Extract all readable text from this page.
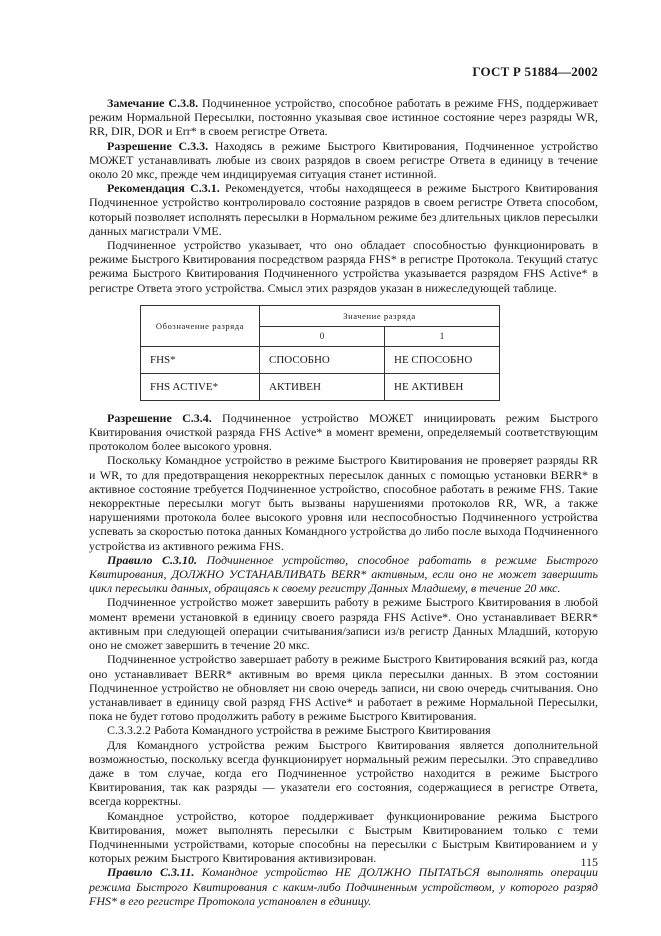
ГОСТ Р 51884—2002

Замечание С.3.8. Подчиненное устройство, способное работать в режиме FHS, поддерживает режим Нормальной Пересылки, постоянно указывая свое истинное состояние через разряды WR, RR, DIR, DOR и Err* в своем регистре Ответа.

Разрешение С.3.3. Находясь в режиме Быстрого Квитирования, Подчиненное устройство МОЖЕТ устанавливать любые из своих разрядов в своем регистре Ответа в единицу в течение около 20 мкс, прежде чем индицируемая ситуация станет истинной.

Рекомендация С.3.1. Рекомендуется, чтобы находящееся в режиме Быстрого Квитирования Подчиненное устройство контролировало состояние разрядов в своем регистре Ответа способом, который позволяет исполнять пересылки в Нормальном режиме без длительных циклов пересылки данных магистрали VME.

Подчиненное устройство указывает, что оно обладает способностью функционировать в режиме Быстрого Квитирования посредством разряда FHS* в регистре Протокола. Текущий статус режима Быстрого Квитирования Подчиненного устройства указывается разрядом FHS Active* в регистре Ответа этого устройства. Смысл этих разрядов указан в нижеследующей таблице.

Обозначение разряда	Значение разряда	
	0	1
FHS*	СПОСОБНО	НЕ СПОСОБНО
FHS ACTIVE*	АКТИВЕН	НЕ АКТИВЕН

Разрешение С.3.4. Подчиненное устройство МОЖЕТ инициировать режим Быстрого Квитирования очисткой разряда FHS Active* в момент времени, определяемый соответствующим протоколом более высокого уровня.

Поскольку Командное устройство в режиме Быстрого Квитирования не проверяет разряды RR и WR, то для предотвращения некорректных пересылок данных с помощью установки BERR* в активное состояние требуется Подчиненное устройство, способное работать в режиме FHS. Такие некорректные пересылки могут быть вызваны нарушениями протоколов RR, WR, а также нарушениями протокола более высокого уровня или неспособностью Подчиненного устройства успевать за скоростью потока данных Командного устройства до либо после выхода Подчиненного устройства из активного режима FHS.

Правило С.3.10. Подчиненное устройство, способное работать в режиме Быстрого Квитирования, ДОЛЖНО УСТАНАВЛИВАТЬ BERR* активным, если оно не может завершить цикл пересылки данных, обращаясь к своему регистру Данных Младшему, в течение 20 мкс.

Подчиненное устройство может завершить работу в режиме Быстрого Квитирования в любой момент времени установкой в единицу своего разряда FHS Active*. Оно устанавливает BERR* активным при следующей операции считывания/записи из/в регистр Данных Младший, которую оно не сможет завершить в течение 20 мкс.

Подчиненное устройство завершает работу в режиме Быстрого Квитирования всякий раз, когда оно устанавливает BERR* активным во время цикла пересылки данных. В этом состоянии Подчиненное устройство не обновляет ни свою очередь записи, ни свою очередь считывания. Оно устанавливает в единицу свой разряд FHS Active* и работает в режиме Нормальной Пересылки, пока не будет готово продолжить работу в режиме Быстрого Квитирования.

С.3.3.2.2 Работа Командного устройства в режиме Быстрого Квитирования

Для Командного устройства режим Быстрого Квитирования является дополнительной возможностью, поскольку всегда функционирует нормальный режим пересылки. Это справедливо даже в том случае, когда его Подчиненное устройство находится в режиме Быстрого Квитирования, так как разряды — указатели его состояния, содержащиеся в регистре Ответа, всегда корректны.

Командное устройство, которое поддерживает функционирование режима Быстрого Квитирования, может выполнять пересылки с Быстрым Квитированием только с теми Подчиненными устройствами, которые способны на пересылки с Быстрым Квитированием и у которых режим Быстрого Квитирования активизирован.

Правило С.3.11. Командное устройство НЕ ДОЛЖНО ПЫТАТЬСЯ выполнять операции режима Быстрого Квитирования с каким-либо Подчиненным устройством, у которого разряд FHS* в его регистре Протокола установлен в единицу.

115
